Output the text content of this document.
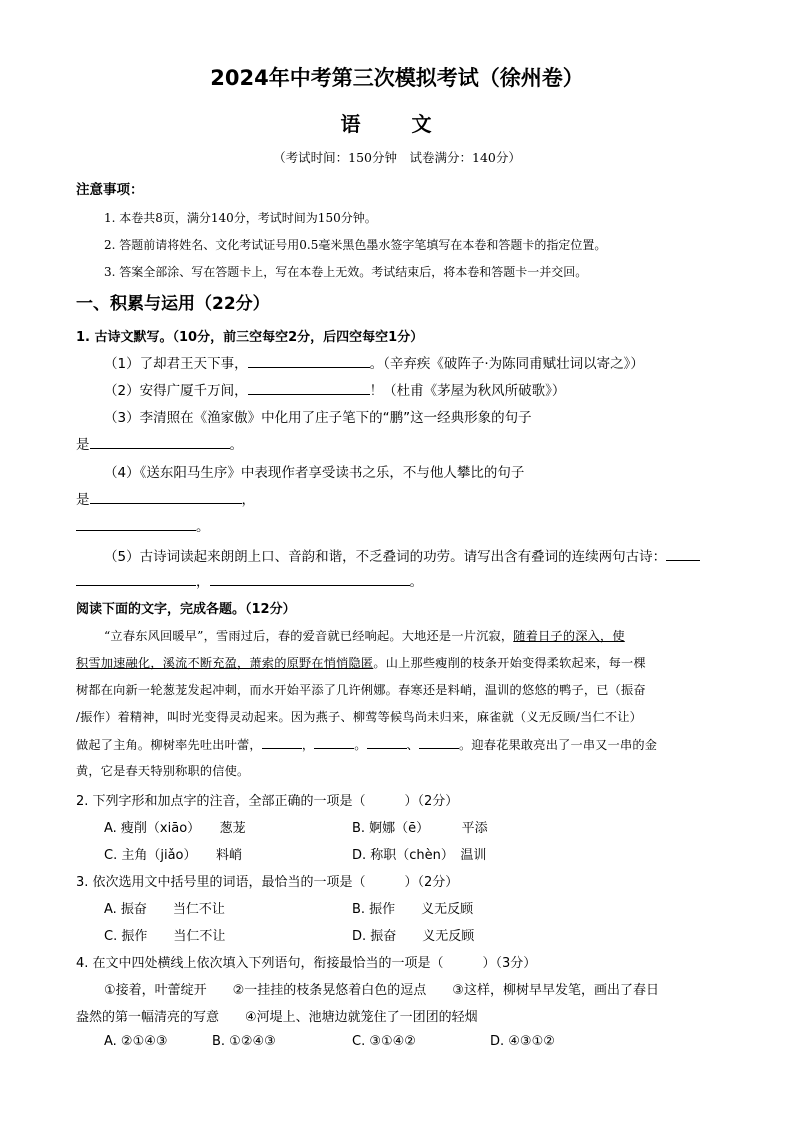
2024年中考第三次模拟考试（徐州卷）
语 文
（考试时间：150分钟　试卷满分：140分）
注意事项：
1. 本卷共8页，满分140分，考试时间为150分钟。
2. 答题前请将姓名、文化考试证号用0.5毫米黑色墨水签字笔填写在本卷和答题卡的指定位置。
3. 答案全部涂、写在答题卡上，写在本卷上无效。考试结束后，将本卷和答题卡一并交回。
一、积累与运用（22分）
1. 古诗文默写。（10分，前三空每空2分，后四空每空1分）
（1）了却君王天下事，	。（辛弃疾《破阵子·为陈同甫赋壮词以寄之》）
（2）安得广厦千万间，	！（杜甫《茅屋为秋风所破歌》）
（3）李清照在《渔家傲》中化用了庄子笔下的“鹏”这一经典形象的句子
是	。
（4）《送东阳马生序》中表现作者享受读书之乐，不与他人攀比的句子
是	，
。
（5）古诗词读起来朗朗上口、音韵和谐，不乏叠词的功劳。请写出含有叠词的连续两句古诗：
，	。
阅读下面的文字，完成各题。（12分）
“立春东风回暖早”，雪雨过后，春的爱音就已经响起。大地还是一片沉寂，随着日子的深入，使
积雪加速融化，溪流不断充盈，萧索的原野在悄悄隐匿。山上那些瘦削的枝条开始变得柔软起来，每一棵
树都在向新一轮葱茏发起冲刺，而水开始平添了几许俐娜。春寒还是料峭，温训的悠悠的鸭子，已（振奋
/振作）着精神，叫时光变得灵动起来。因为燕子、柳莺等候鸟尚未归来，麻雀就（义无反顾/当仁不让）
做起了主角。柳树率先吐出叶蕾，	，	。	、	。迎春花果敢亮出了一串又一串的金
黄，它是春天特别称职的信使。
2. 下列字形和加点字的注音，全部正确的一项是（　　　）（2分）
A. 瘦削（xiāo）　　葱茏	B. 婀娜（ē）　　　平添
C. 主角（jiǎo）　　料峭	D. 称职（chèn）　温训
3. 依次选用文中括号里的词语，最恰当的一项是（　　　）（2分）
A. 振奋　　当仁不让	B. 振作　　义无反顾
C. 振作　　当仁不让	D. 振奋　　义无反顾
4. 在文中四处横线上依次填入下列语句，衔接最恰当的一项是（　　　）（3分）
①接着，叶蕾绽开　　②一挂挂的枝条晃悠着白色的逗点　　③这样，柳树早早发笔，画出了春日
盎然的第一幅清亮的写意　　④河堤上、池塘边就笼住了一团团的轻烟
A. ②①④③	B. ①②④③	C. ③①④②	D. ④③①②
